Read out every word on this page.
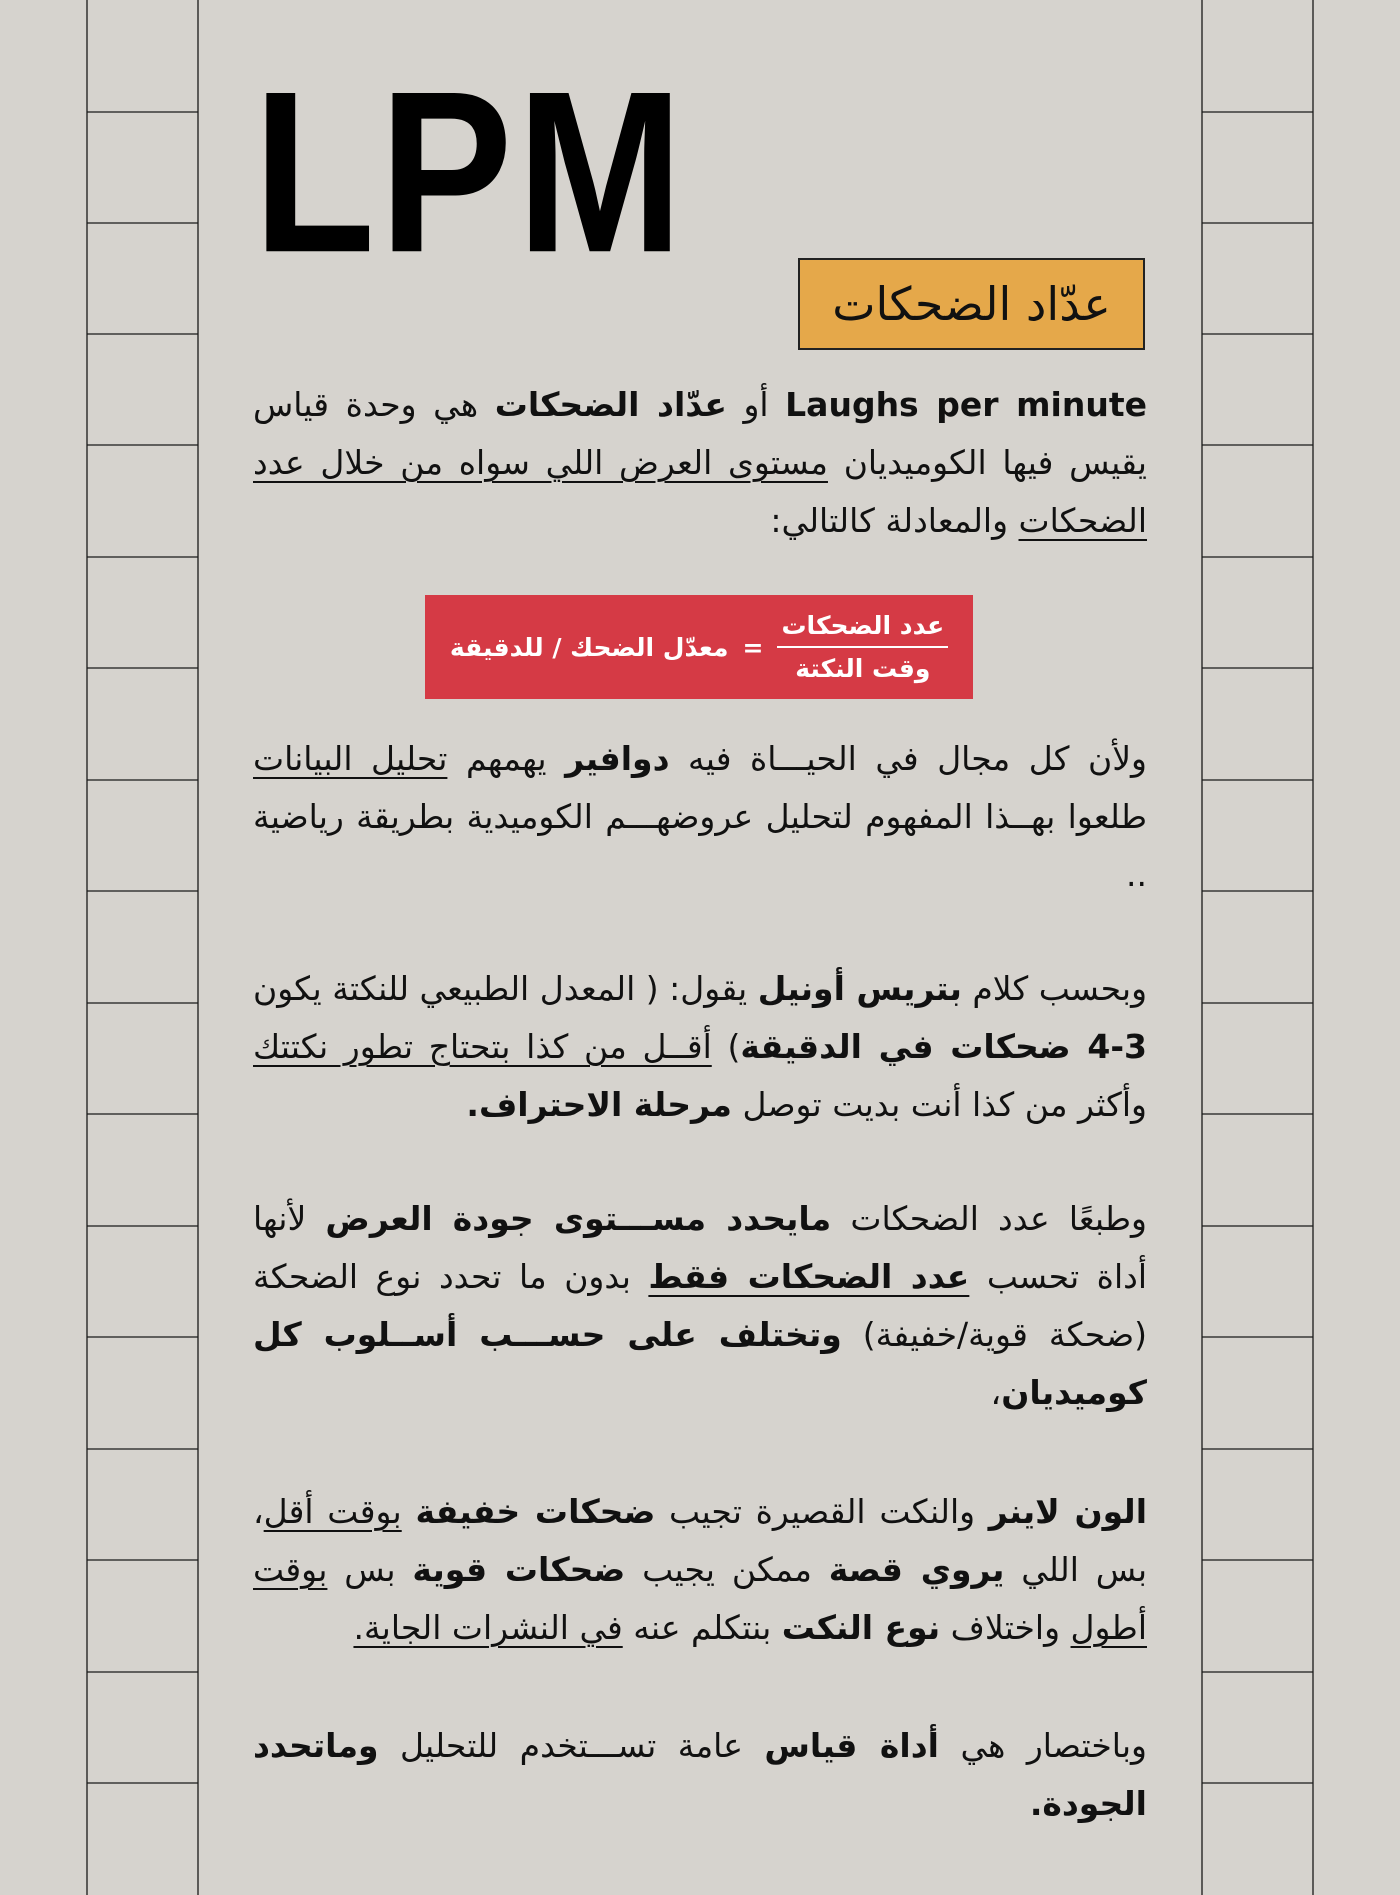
LPM
عدّاد الضحكات

Laughs per minute أو عدّاد الضحكات هي وحدة قياس يقيس فيها الكوميديان مستوى العرض اللي سواه من خلال عدد الضحكات والمعادلة كالتالي:

ولأن كل مجال في الحيـــاة فيه دوافير يهمهم تحليل البيانات طلعوا بهــذا المفهوم لتحليل عروضهـــم الكوميدية بطريقة رياضية ..

وبحسب كلام بتريس أونيل يقول: ( المعدل الطبيعي للنكتة يكون 3-4 ضحكات في الدقيقة) أقــل من كذا بتحتاج تطور نكتتك وأكثر من كذا أنت بديت توصل مرحلة الاحتراف.

وطبعًا عدد الضحكات مايحدد مســـتوى جودة العرض لأنها أداة تحسب عدد الضحكات فقط بدون ما تحدد نوع الضحكة (ضحكة قوية/خفيفة) وتختلف على حســـب أســلوب كل كوميديان،

الون لاينر والنكت القصيرة تجيب ضحكات خفيفة بوقت أقل، بس اللي يروي قصة ممكن يجيب ضحكات قوية بس بوقت أطول واختلاف نوع النكت بنتكلم عنه في النشرات الجاية.

وباختصار هي أداة قياس عامة تســـتخدم للتحليل وماتحدد الجودة.

$\frac{\text{عدد الضحكات}}{\text{وقت النكتة}}$
=
معدّل الضحك / للدقيقة
